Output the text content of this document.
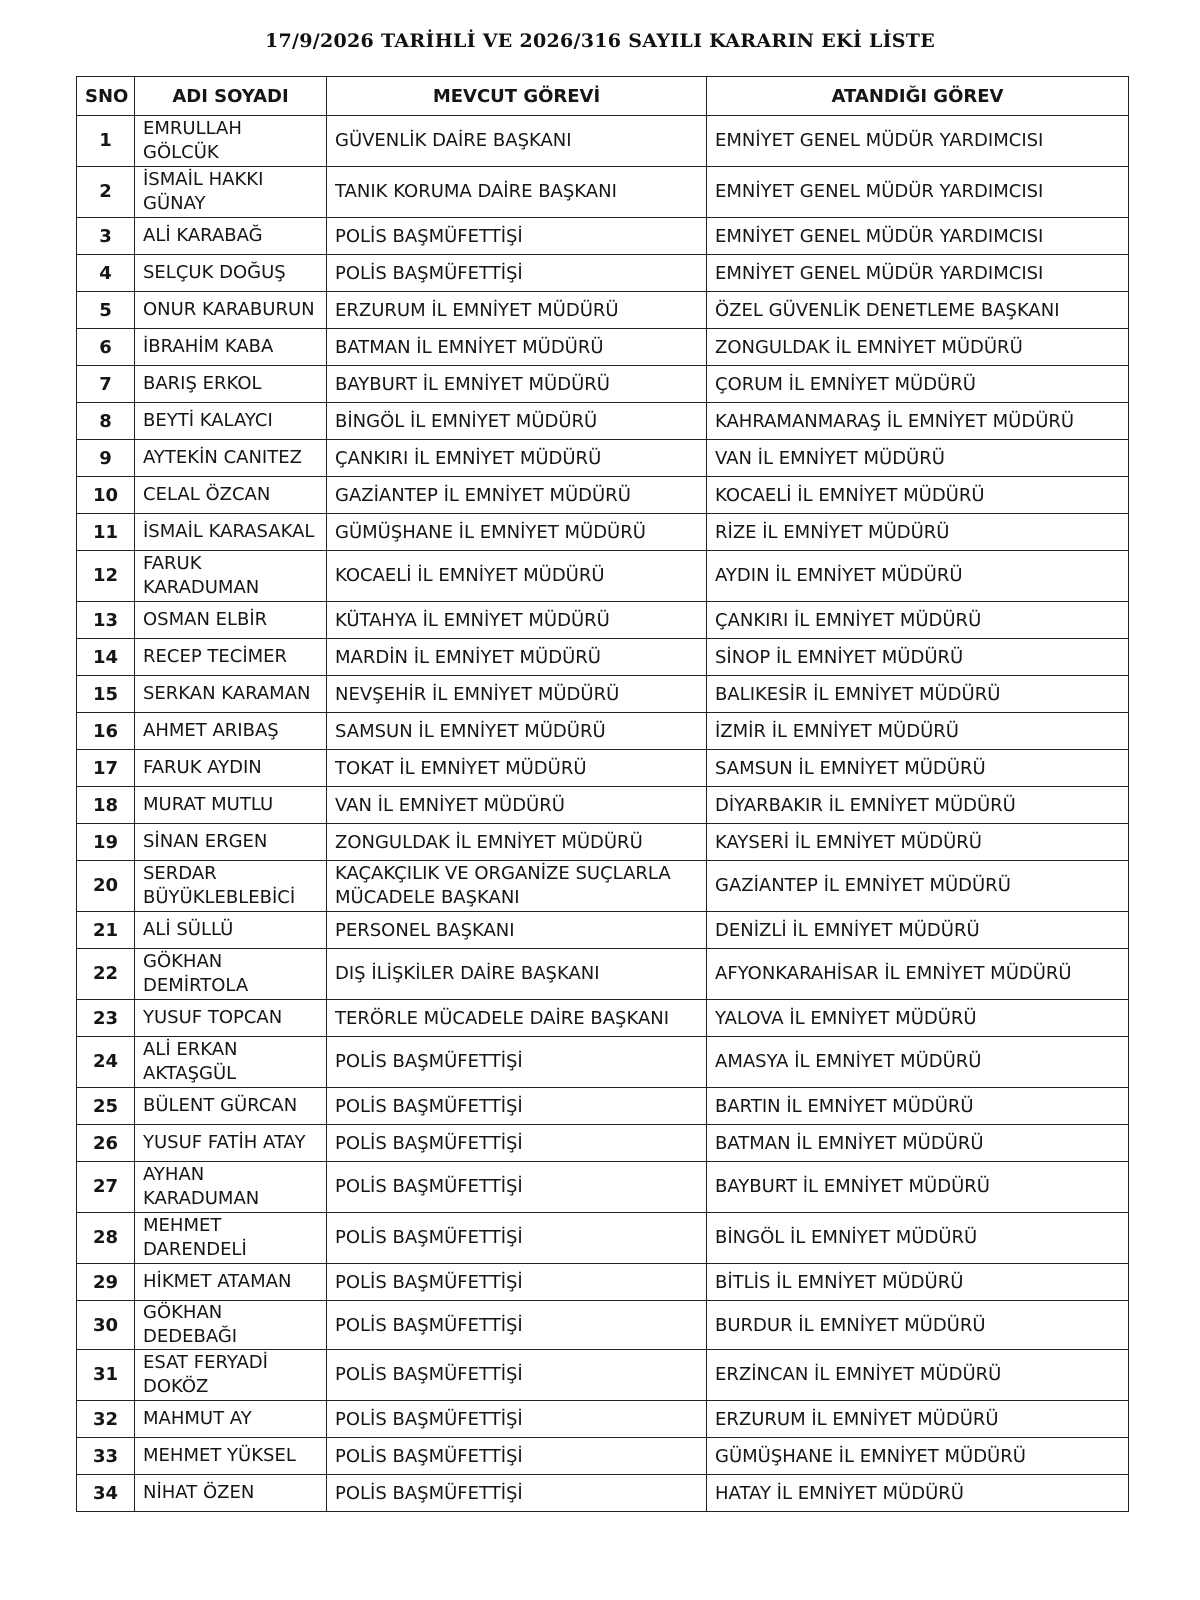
17/9/2026 TARİHLİ VE 2026/316 SAYILI KARARIN EKİ LİSTE
SNO	ADI SOYADI	MEVCUT GÖREVİ	ATANDIĞI GÖREV
1	EMRULLAH GÖLCÜK	GÜVENLİK DAİRE BAŞKANI	EMNİYET GENEL MÜDÜR YARDIMCISI
2	İSMAİL HAKKI GÜNAY	TANIK KORUMA DAİRE BAŞKANI	EMNİYET GENEL MÜDÜR YARDIMCISI
3	ALİ KARABAĞ	POLİS BAŞMÜFETTİŞİ	EMNİYET GENEL MÜDÜR YARDIMCISI
4	SELÇUK DOĞUŞ	POLİS BAŞMÜFETTİŞİ	EMNİYET GENEL MÜDÜR YARDIMCISI
5	ONUR KARABURUN	ERZURUM İL EMNİYET MÜDÜRÜ	ÖZEL GÜVENLİK DENETLEME BAŞKANI
6	İBRAHİM KABA	BATMAN İL EMNİYET MÜDÜRÜ	ZONGULDAK İL EMNİYET MÜDÜRÜ
7	BARIŞ ERKOL	BAYBURT İL EMNİYET MÜDÜRÜ	ÇORUM İL EMNİYET MÜDÜRÜ
8	BEYTİ KALAYCI	BİNGÖL İL EMNİYET MÜDÜRÜ	KAHRAMANMARAŞ İL EMNİYET MÜDÜRÜ
9	AYTEKİN CANITEZ	ÇANKIRI İL EMNİYET MÜDÜRÜ	VAN İL EMNİYET MÜDÜRÜ
10	CELAL ÖZCAN	GAZİANTEP İL EMNİYET MÜDÜRÜ	KOCAELİ İL EMNİYET MÜDÜRÜ
11	İSMAİL KARASAKAL	GÜMÜŞHANE İL EMNİYET MÜDÜRÜ	RİZE İL EMNİYET MÜDÜRÜ
12	FARUK KARADUMAN	KOCAELİ İL EMNİYET MÜDÜRÜ	AYDIN İL EMNİYET MÜDÜRÜ
13	OSMAN ELBİR	KÜTAHYA İL EMNİYET MÜDÜRÜ	ÇANKIRI İL EMNİYET MÜDÜRÜ
14	RECEP TECİMER	MARDİN İL EMNİYET MÜDÜRÜ	SİNOP İL EMNİYET MÜDÜRÜ
15	SERKAN KARAMAN	NEVŞEHİR İL EMNİYET MÜDÜRÜ	BALIKESİR İL EMNİYET MÜDÜRÜ
16	AHMET ARIBAŞ	SAMSUN İL EMNİYET MÜDÜRÜ	İZMİR İL EMNİYET MÜDÜRÜ
17	FARUK AYDIN	TOKAT İL EMNİYET MÜDÜRÜ	SAMSUN İL EMNİYET MÜDÜRÜ
18	MURAT MUTLU	VAN İL EMNİYET MÜDÜRÜ	DİYARBAKIR İL EMNİYET MÜDÜRÜ
19	SİNAN ERGEN	ZONGULDAK İL EMNİYET MÜDÜRÜ	KAYSERİ İL EMNİYET MÜDÜRÜ
20	SERDAR BÜYÜKLEBLEBİCİ	KAÇAKÇILIK VE ORGANİZE SUÇLARLA MÜCADELE BAŞKANI	GAZİANTEP İL EMNİYET MÜDÜRÜ
21	ALİ SÜLLÜ	PERSONEL BAŞKANI	DENİZLİ İL EMNİYET MÜDÜRÜ
22	GÖKHAN DEMİRTOLA	DIŞ İLİŞKİLER DAİRE BAŞKANI	AFYONKARAHİSAR İL EMNİYET MÜDÜRÜ
23	YUSUF TOPCAN	TERÖRLE MÜCADELE DAİRE BAŞKANI	YALOVA İL EMNİYET MÜDÜRÜ
24	ALİ ERKAN AKTAŞGÜL	POLİS BAŞMÜFETTİŞİ	AMASYA İL EMNİYET MÜDÜRÜ
25	BÜLENT GÜRCAN	POLİS BAŞMÜFETTİŞİ	BARTIN İL EMNİYET MÜDÜRÜ
26	YUSUF FATİH ATAY	POLİS BAŞMÜFETTİŞİ	BATMAN İL EMNİYET MÜDÜRÜ
27	AYHAN KARADUMAN	POLİS BAŞMÜFETTİŞİ	BAYBURT İL EMNİYET MÜDÜRÜ
28	MEHMET DARENDELİ	POLİS BAŞMÜFETTİŞİ	BİNGÖL İL EMNİYET MÜDÜRÜ
29	HİKMET ATAMAN	POLİS BAŞMÜFETTİŞİ	BİTLİS İL EMNİYET MÜDÜRÜ
30	GÖKHAN DEDEBAĞI	POLİS BAŞMÜFETTİŞİ	BURDUR İL EMNİYET MÜDÜRÜ
31	ESAT FERYADİ DOKÖZ	POLİS BAŞMÜFETTİŞİ	ERZİNCAN İL EMNİYET MÜDÜRÜ
32	MAHMUT AY	POLİS BAŞMÜFETTİŞİ	ERZURUM İL EMNİYET MÜDÜRÜ
33	MEHMET YÜKSEL	POLİS BAŞMÜFETTİŞİ	GÜMÜŞHANE İL EMNİYET MÜDÜRÜ
34	NİHAT ÖZEN	POLİS BAŞMÜFETTİŞİ	HATAY İL EMNİYET MÜDÜRÜ
